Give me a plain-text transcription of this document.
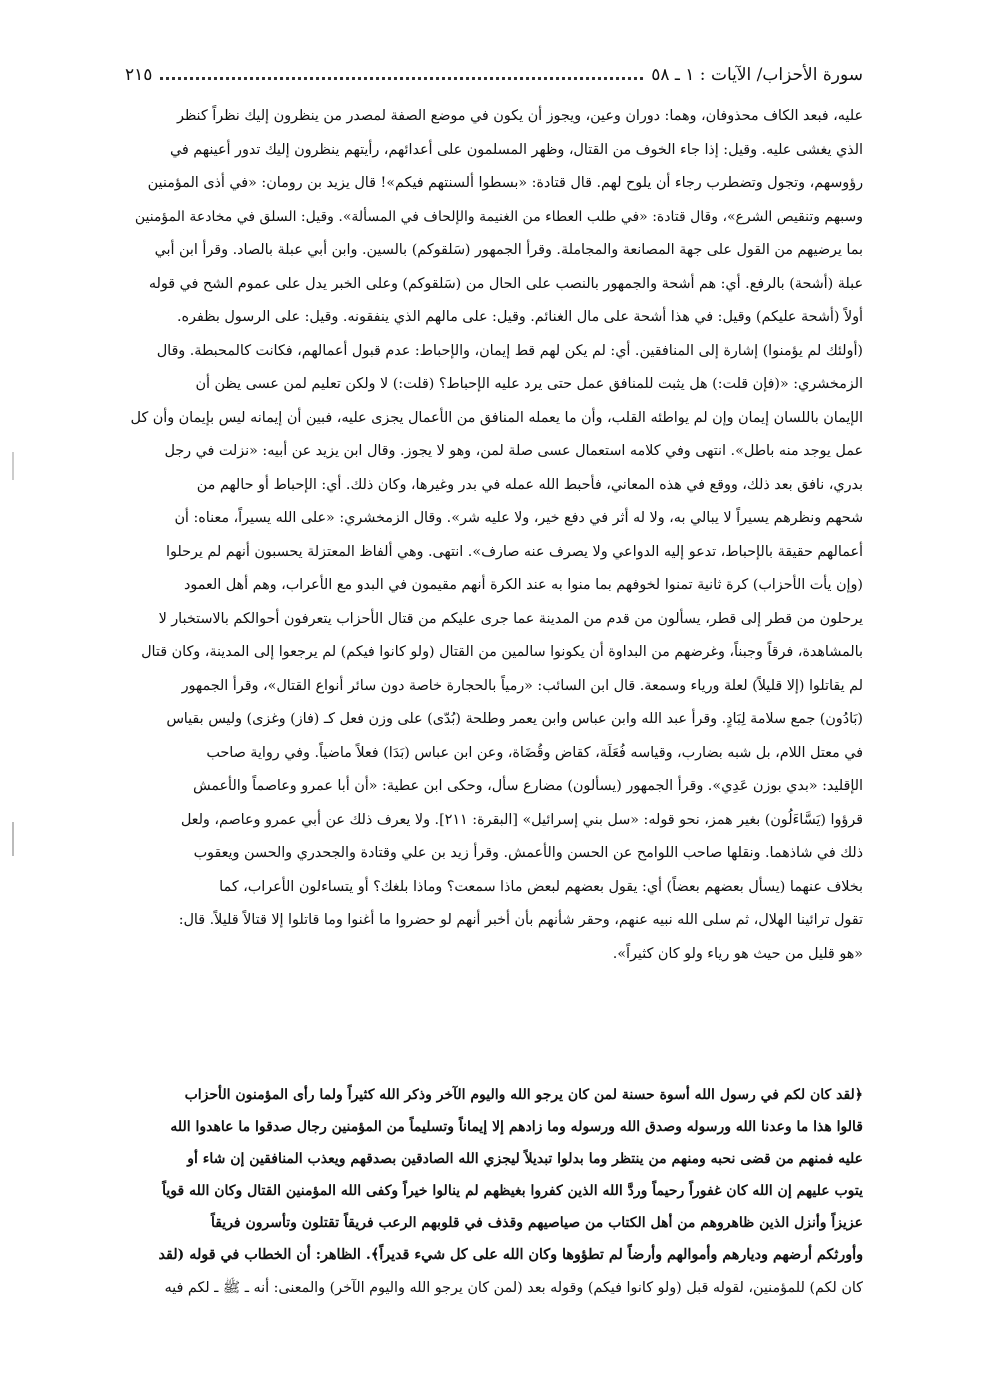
سورة الأحزاب/ الآيات : ١ ـ ٥٨
٢١٥
عليه، فبعد الكاف محذوفان، وهما: دوران وعين، ويجوز أن يكون في موضع الصفة لمصدر من ينظرون إليك نظراً كنظر
الذي يغشى عليه. وقيل: إذا جاء الخوف من القتال، وظهر المسلمون على أعدائهم، رأيتهم ينظرون إليك تدور أعينهم في
رؤوسهم، وتجول وتضطرب رجاء أن يلوح لهم. قال قتادة: «بسطوا ألسنتهم فيكم»! قال يزيد بن رومان: «في أذى المؤمنين
وسبهم وتنقيص الشرع»، وقال قتادة: «في طلب العطاء من الغنيمة والإلحاف في المسألة». وقيل: السلق في مخادعة المؤمنين
بما يرضيهم من القول على جهة المصانعة والمجاملة. وقرأ الجمهور (سَلقوكم) بالسين. وابن أبي عبلة بالصاد. وقرأ ابن أبي
عبلة (أشحة) بالرفع. أي: هم أشحة والجمهور بالنصب على الحال من (سَلقوكم) وعلى الخبر يدل على عموم الشح في قوله
أولاً (أشحة عليكم) وقيل: في هذا أشحة على مال الغنائم. وقيل: على مالهم الذي ينفقونه. وقيل: على الرسول بظفره.
(أولئك لم يؤمنوا) إشارة إلى المنافقين. أي: لم يكن لهم قط إيمان، والإحباط: عدم قبول أعمالهم، فكانت كالمحبطة. وقال
الزمخشري: «(فإن قلت:) هل يثبت للمنافق عمل حتى يرد عليه الإحباط؟ (قلت:) لا ولكن تعليم لمن عسى يظن أن
الإيمان باللسان إيمان وإن لم يواطئه القلب، وأن ما يعمله المنافق من الأعمال يجزى عليه، فبين أن إيمانه ليس بإيمان وأن كل
عمل يوجد منه باطل». انتهى وفي كلامه استعمال عسى صلة لمن، وهو لا يجوز. وقال ابن يزيد عن أبيه: «نزلت في رجل
بدري، نافق بعد ذلك، ووقع في هذه المعاني، فأحبط الله عمله في بدر وغيرها، وكان ذلك. أي: الإحباط أو حالهم من
شحهم ونظرهم يسيراً لا يبالي به، ولا له أثر في دفع خير، ولا عليه شر». وقال الزمخشري: «على الله يسيراً، معناه: أن
أعمالهم حقيقة بالإحباط، تدعو إليه الدواعي ولا يصرف عنه صارف». انتهى. وهي ألفاظ المعتزلة يحسبون أنهم لم يرحلوا
(وإن يأت الأحزاب) كرة ثانية تمنوا لخوفهم بما منوا به عند الكرة أنهم مقيمون في البدو مع الأعراب، وهم أهل العمود
يرحلون من قطر إلى قطر، يسألون من قدم من المدينة عما جرى عليكم من قتال الأحزاب يتعرفون أحوالكم بالاستخبار لا
بالمشاهدة، فرقاً وجبناً، وغرضهم من البداوة أن يكونوا سالمين من القتال (ولو كانوا فيكم) لم يرجعوا إلى المدينة، وكان قتال
لم يقاتلوا (إلا قليلاً) لعلة ورياء وسمعة. قال ابن السائب: «رمياً بالحجارة خاصة دون سائر أنواع القتال»، وقرأ الجمهور
(بَادُون) جمع سلامة لِبَادٍ. وقرأ عبد الله وابن عباس وابن يعمر وطلحة (بُدّى) على وزن فعل كـ (فاز) وغزى) وليس بقياس
في معتل اللام، بل شبه بضارب، وقياسه فُعَلَة، كقاض وقُضَاة، وعن ابن عباس (بَدَا) فعلاً ماضياً. وفي رواية صاحب
الإقليد: «بدي بوزن عَدِي». وقرأ الجمهور (يسألون) مضارع سأل، وحكى ابن عطية: «أن أبا عمرو وعاصماً والأعمش
قرؤوا (يَسَّاءَلُون) بغير همز، نحو قوله: «سل بني إسرائيل» [البقرة: ٢١١]. ولا يعرف ذلك عن أبي عمرو وعاصم، ولعل
ذلك في شاذهما. ونقلها صاحب اللوامح عن الحسن والأعمش. وقرأ زيد بن علي وقتادة والجحدري والحسن ويعقوب
بخلاف عنهما (يسأل بعضهم بعضاً) أي: يقول بعضهم لبعض ماذا سمعت؟ وماذا بلغك؟ أو يتساءلون الأعراب، كما
تقول ترائينا الهلال، ثم سلى الله نبيه عنهم، وحقر شأنهم بأن أخبر أنهم لو حضروا ما أغنوا وما قاتلوا إلا قتالاً قليلاً. قال:
«هو قليل من حيث هو رياء ولو كان كثيراً».
﴿لقد كان لكم في رسول الله أسوة حسنة لمن كان يرجو الله واليوم الآخر وذكر الله كثيراً ولما رأى المؤمنون الأحزاب
قالوا هذا ما وعدنا الله ورسوله وصدق الله ورسوله وما زادهم إلا إيماناً وتسليماً من المؤمنين رجال صدقوا ما عاهدوا الله
عليه فمنهم من قضى نحبه ومنهم من ينتظر وما بدلوا تبديلاً ليجزي الله الصادقين بصدقهم ويعذب المنافقين إن شاء أو
يتوب عليهم إن الله كان غفوراً رحيماً وردَّ الله الذين كفروا بغيظهم لم ينالوا خيراً وكفى الله المؤمنين القتال وكان الله قوياً
عزيزاً وأنزل الذين ظاهروهم من أهل الكتاب من صياصيهم وقذف في قلوبهم الرعب فريقاً تقتلون وتأسرون فريقاً
وأورثكم أرضهم وديارهم وأموالهم وأرضاً لم تطؤوها وكان الله على كل شيء قديراً﴾. الظاهر: أن الخطاب في قوله (لقد
كان لكم) للمؤمنين، لقوله قبل (ولو كانوا فيكم) وقوله بعد (لمن كان يرجو الله واليوم الآخر) والمعنى: أنه ـ ﷺ ـ لكم فيه
